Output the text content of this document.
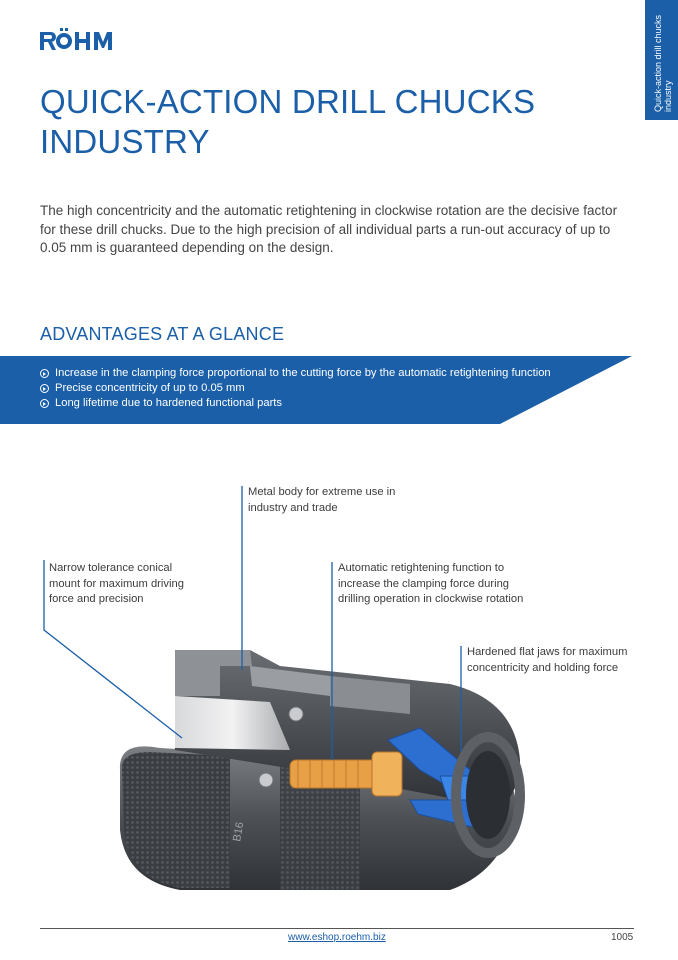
Quick-action drill chucks industry
QUICK-ACTION DRILL CHUCKS INDUSTRY

The high concentricity and the automatic retightening in clockwise rotation are the decisive factor for these drill chucks. Due to the high precision of all individual parts a run-out accuracy of up to 0.05 mm is guaranteed depending on the design.

ADVANTAGES AT A GLANCE
Increase in the clamping force proportional to the cutting force by the automatic retightening function
Precise concentricity of up to 0.05 mm
Long lifetime due to hardened functional parts
B16
Metal body for extreme use in industry and trade
Narrow tolerance conical mount for maximum driving force and precision
Automatic retightening function to increase the clamping force during drilling operation in clockwise rotation
Hardened flat jaws for maximum concentricity and holding force
www.eshop.roehm.biz	1005
